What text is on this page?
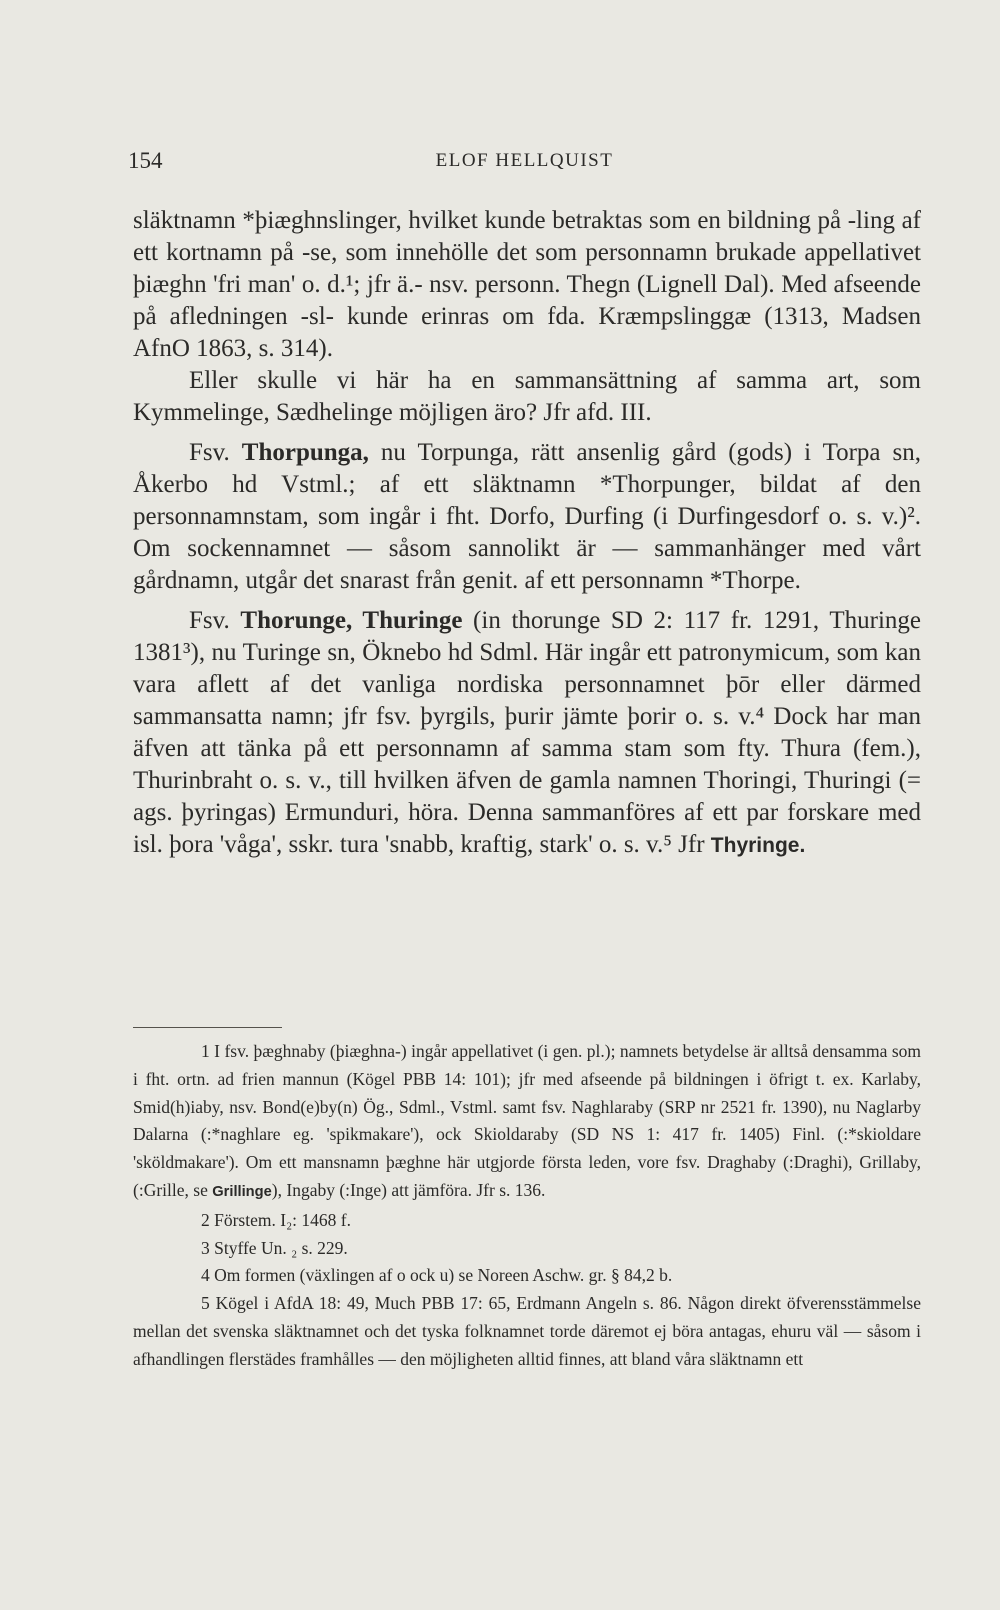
154	ELOF HELLQUIST

släktnamn *þiæghnslinger, hvilket kunde betraktas som en bildning på -ling af ett kortnamn på -se, som innehölle det som personnamn brukade appellativet þiæghn 'fri man' o. d.¹; jfr ä.- nsv. personn. Thegn (Lignell Dal). Med afseende på afledningen -sl- kunde erinras om fda. Kræmpslinggæ (1313, Madsen AfnO 1863, s. 314).

Eller skulle vi här ha en sammansättning af samma art, som Kymmelinge, Sædhelinge möjligen äro? Jfr afd. III.

Fsv. Thorpunga, nu Torpunga, rätt ansenlig gård (gods) i Torpa sn, Åkerbo hd Vstml.; af ett släktnamn *Thorpunger, bildat af den personnamnstam, som ingår i fht. Dorfo, Durfing (i Durfingesdorf o. s. v.)². Om sockennamnet — såsom sannolikt är — sammanhänger med vårt gårdnamn, utgår det snarast från genit. af ett personnamn *Thorpe.

Fsv. Thorunge, Thuringe (in thorunge SD 2: 117 fr. 1291, Thuringe 1381³), nu Turinge sn, Öknebo hd Sdml. Här ingår ett patronymicum, som kan vara aflett af det vanliga nordiska personnamnet þōr eller därmed sammansatta namn; jfr fsv. þyrgils, þurir jämte þorir o. s. v.⁴ Dock har man äfven att tänka på ett personnamn af samma stam som fty. Thura (fem.), Thurinbraht o. s. v., till hvilken äfven de gamla namnen Thoringi, Thuringi (= ags. þyringas) Ermunduri, höra. Denna sammanföres af ett par forskare med isl. þora 'våga', sskr. tura 'snabb, kraftig, stark' o. s. v.⁵ Jfr Thyringe.

1 I fsv. þæghnaby (þiæghna-) ingår appellativet (i gen. pl.); namnets betydelse är alltså densamma som i fht. ortn. ad frien mannun (Kögel PBB 14: 101); jfr med afseende på bildningen i öfrigt t. ex. Karlaby, Smid(h)iaby, nsv. Bond(e)by(n) Ög., Sdml., Vstml. samt fsv. Naghlaraby (SRP nr 2521 fr. 1390), nu Naglarby Dalarna (:*naghlare eg. 'spikmakare'), ock Skioldaraby (SD NS 1: 417 fr. 1405) Finl. (:*skioldare 'sköldmakare'). Om ett mansnamn þæghne här utgjorde första leden, vore fsv. Draghaby (:Draghi), Grillaby, (:Grille, se Grillinge), Ingaby (:Inge) att jämföra. Jfr s. 136.

2 Förstem. I₂: 1468 f.

3 Styffe Un. ₂ s. 229.

4 Om formen (växlingen af o ock u) se Noreen Aschw. gr. § 84,2 b.

5 Kögel i AfdA 18: 49, Much PBB 17: 65, Erdmann Angeln s. 86. Någon direkt öfverensstämmelse mellan det svenska släktnamnet och det tyska folknamnet torde däremot ej böra antagas, ehuru väl — såsom i afhandlingen flerstädes framhålles — den möjligheten alltid finnes, att bland våra släktnamn ett
